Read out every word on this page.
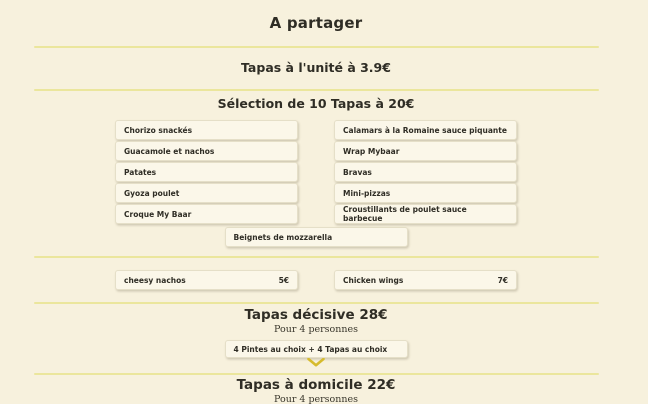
A partager
Tapas à l'unité à 3.9€
Sélection de 10 Tapas à 20€
Chorizo snackés
Guacamole et nachos
Patates
Gyoza poulet
Croque My Baar
Calamars à la Romaine sauce piquante
Wrap Mybaar
Bravas
Mini-pizzas
Croustillants de poulet sauce barbecue
Beignets de mozzarella
cheesy nachos	5€	Chicken wings	7€
Tapas décisive 28€
Pour 4 personnes
4 Pintes au choix + 4 Tapas au choix
Tapas à domicile 22€
Pour 4 personnes
